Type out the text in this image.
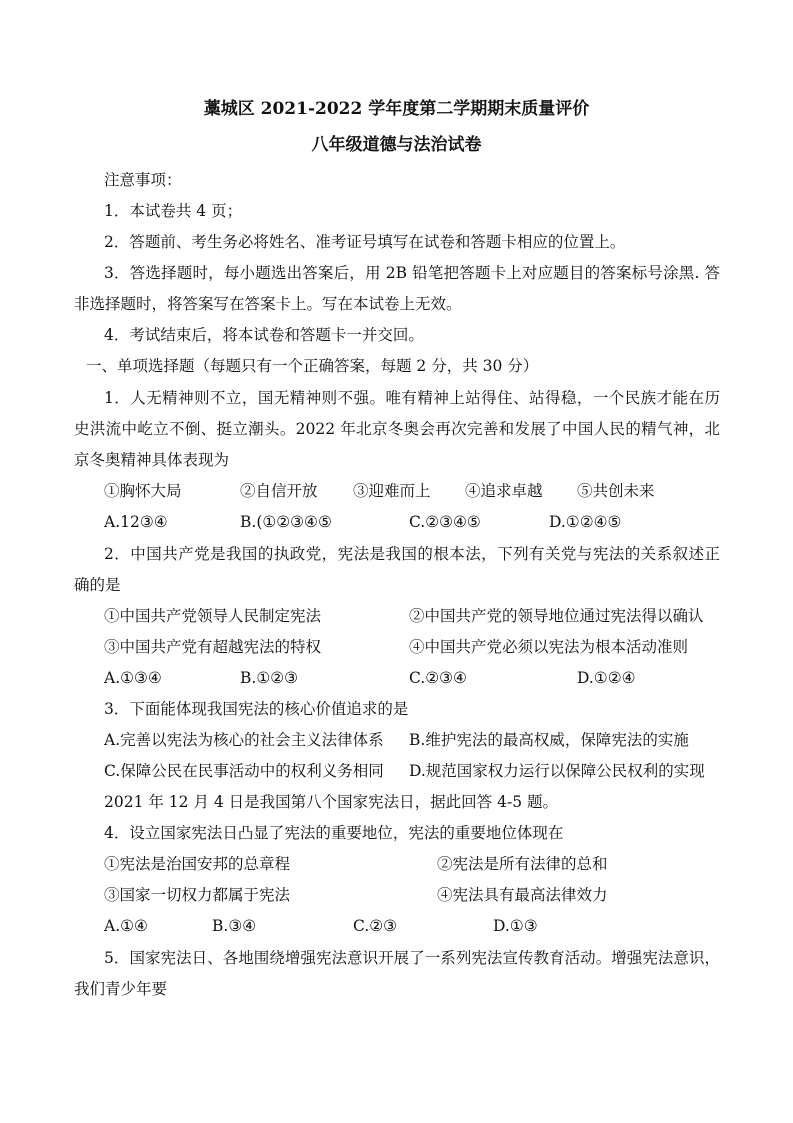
藁城区 2021-2022 学年度第二学期期末质量评价
八年级道德与法治试卷
注意事项：
1．本试卷共 4 页；
2．答题前、考生务必将姓名、准考证号填写在试卷和答题卡相应的位置上。
3．答选择题时，每小题选出答案后，用 2B 铅笔把答题卡上对应题目的答案标号涂黑. 答
非选择题时，将答案写在答案卡上。写在本试卷上无效。
4．考试结束后，将本试卷和答题卡一并交回。
一、单项选择题（每题只有一个正确答案，每题 2 分，共 30 分）
1．人无精神则不立，国无精神则不强。唯有精神上站得住、站得稳，一个民族才能在历
史洪流中屹立不倒、挺立潮头。2022 年北京冬奥会再次完善和发展了中国人民的精气神，北
京冬奥精神具体表现为
①胸怀大局	②自信开放 ③迎难而上 ④追求卓越 ⑤共创未来
A.12③④	B.(①②③④⑤	C.②③④⑤	D.①②④⑤
2．中国共产党是我国的执政党，宪法是我国的根本法，下列有关党与宪法的关系叙述正
确的是
①中国共产党领导人民制定宪法	②中国共产党的领导地位通过宪法得以确认
③中国共产党有超越宪法的特权	④中国共产党必须以宪法为根本活动准则
A.①③④	B.①②③	C.②③④	D.①②④
3．下面能体现我国宪法的核心价值追求的是
A.完善以宪法为核心的社会主义法律体系 B.维护宪法的最高权威，保障宪法的实施
C.保障公民在民事活动中的权利义务相同 D.规范国家权力运行以保障公民权利的实现
2021 年 12 月 4 日是我国第八个国家宪法日，据此回答 4-5 题。
4．设立国家宪法日凸显了宪法的重要地位，宪法的重要地位体现在
①宪法是治国安邦的总章程	②宪法是所有法律的总和
③国家一切权力都属于宪法	④宪法具有最高法律效力
A.①④	B.③④	C.②③	D.①③
5．国家宪法日、各地围绕增强宪法意识开展了一系列宪法宣传教育活动。增强宪法意识，
我们青少年要
